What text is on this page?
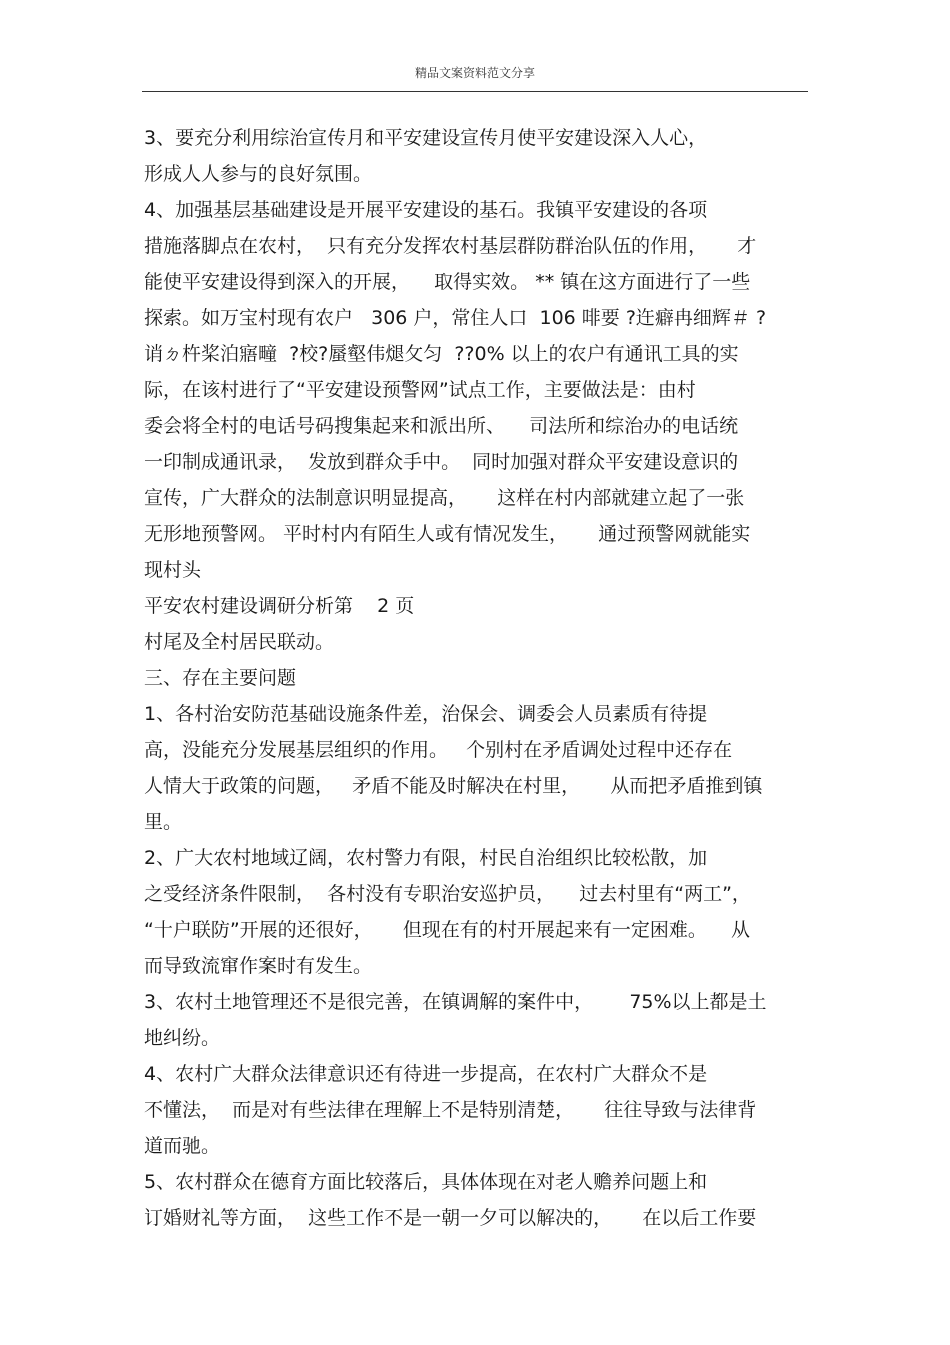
精品文案资料范文分享
3、要充分利用综治宣传月和平安建设宣传月使平安建设深入人心，
形成人人参与的良好氛围。
4、加强基层基础建设是开展平安建设的基石。我镇平安建设的各项
措施落脚点在农村，  只有充分发挥农村基层群防群治队伍的作用，     才
能使平安建设得到深入的开展，    取得实效。 ** 镇在这方面进行了一些
探索。如万宝村现有农户   306 户，常住人口  106 啡要 ?迕癖冉细辉＃ ?
诮ㄉ杵桨泊寤疃  ?校?蜃壑伟煺攵匀  ??0% 以上的农户有通讯工具的实
际，在该村进行了“平安建设预警网”试点工作，主要做法是：由村
委会将全村的电话号码搜集起来和派出所、    司法所和综治办的电话统
一印制成通讯录，  发放到群众手中。  同时加强对群众平安建设意识的
宣传，广大群众的法制意识明显提高，     这样在村内部就建立起了一张
无形地预警网。 平时村内有陌生人或有情况发生，     通过预警网就能实
现村头
平安农村建设调研分析第    2 页
村尾及全村居民联动。
三、存在主要问题
1、各村治安防范基础设施条件差，治保会、调委会人员素质有待提
高，没能充分发展基层组织的作用。   个别村在矛盾调处过程中还存在
人情大于政策的问题，   矛盾不能及时解决在村里，     从而把矛盾推到镇
里。
2、广大农村地域辽阔，农村警力有限，村民自治组织比较松散，加
之受经济条件限制，  各村没有专职治安巡护员，    过去村里有“两工”，
“十户联防”开展的还很好，     但现在有的村开展起来有一定困难。    从
而导致流窜作案时有发生。
3、农村土地管理还不是很完善，在镇调解的案件中，      75%以上都是土
地纠纷。
4、农村广大群众法律意识还有待进一步提高，在农村广大群众不是
不懂法，  而是对有些法律在理解上不是特别清楚，     往往导致与法律背
道而驰。
5、农村群众在德育方面比较落后，具体体现在对老人赡养问题上和
订婚财礼等方面，  这些工作不是一朝一夕可以解决的，     在以后工作要
